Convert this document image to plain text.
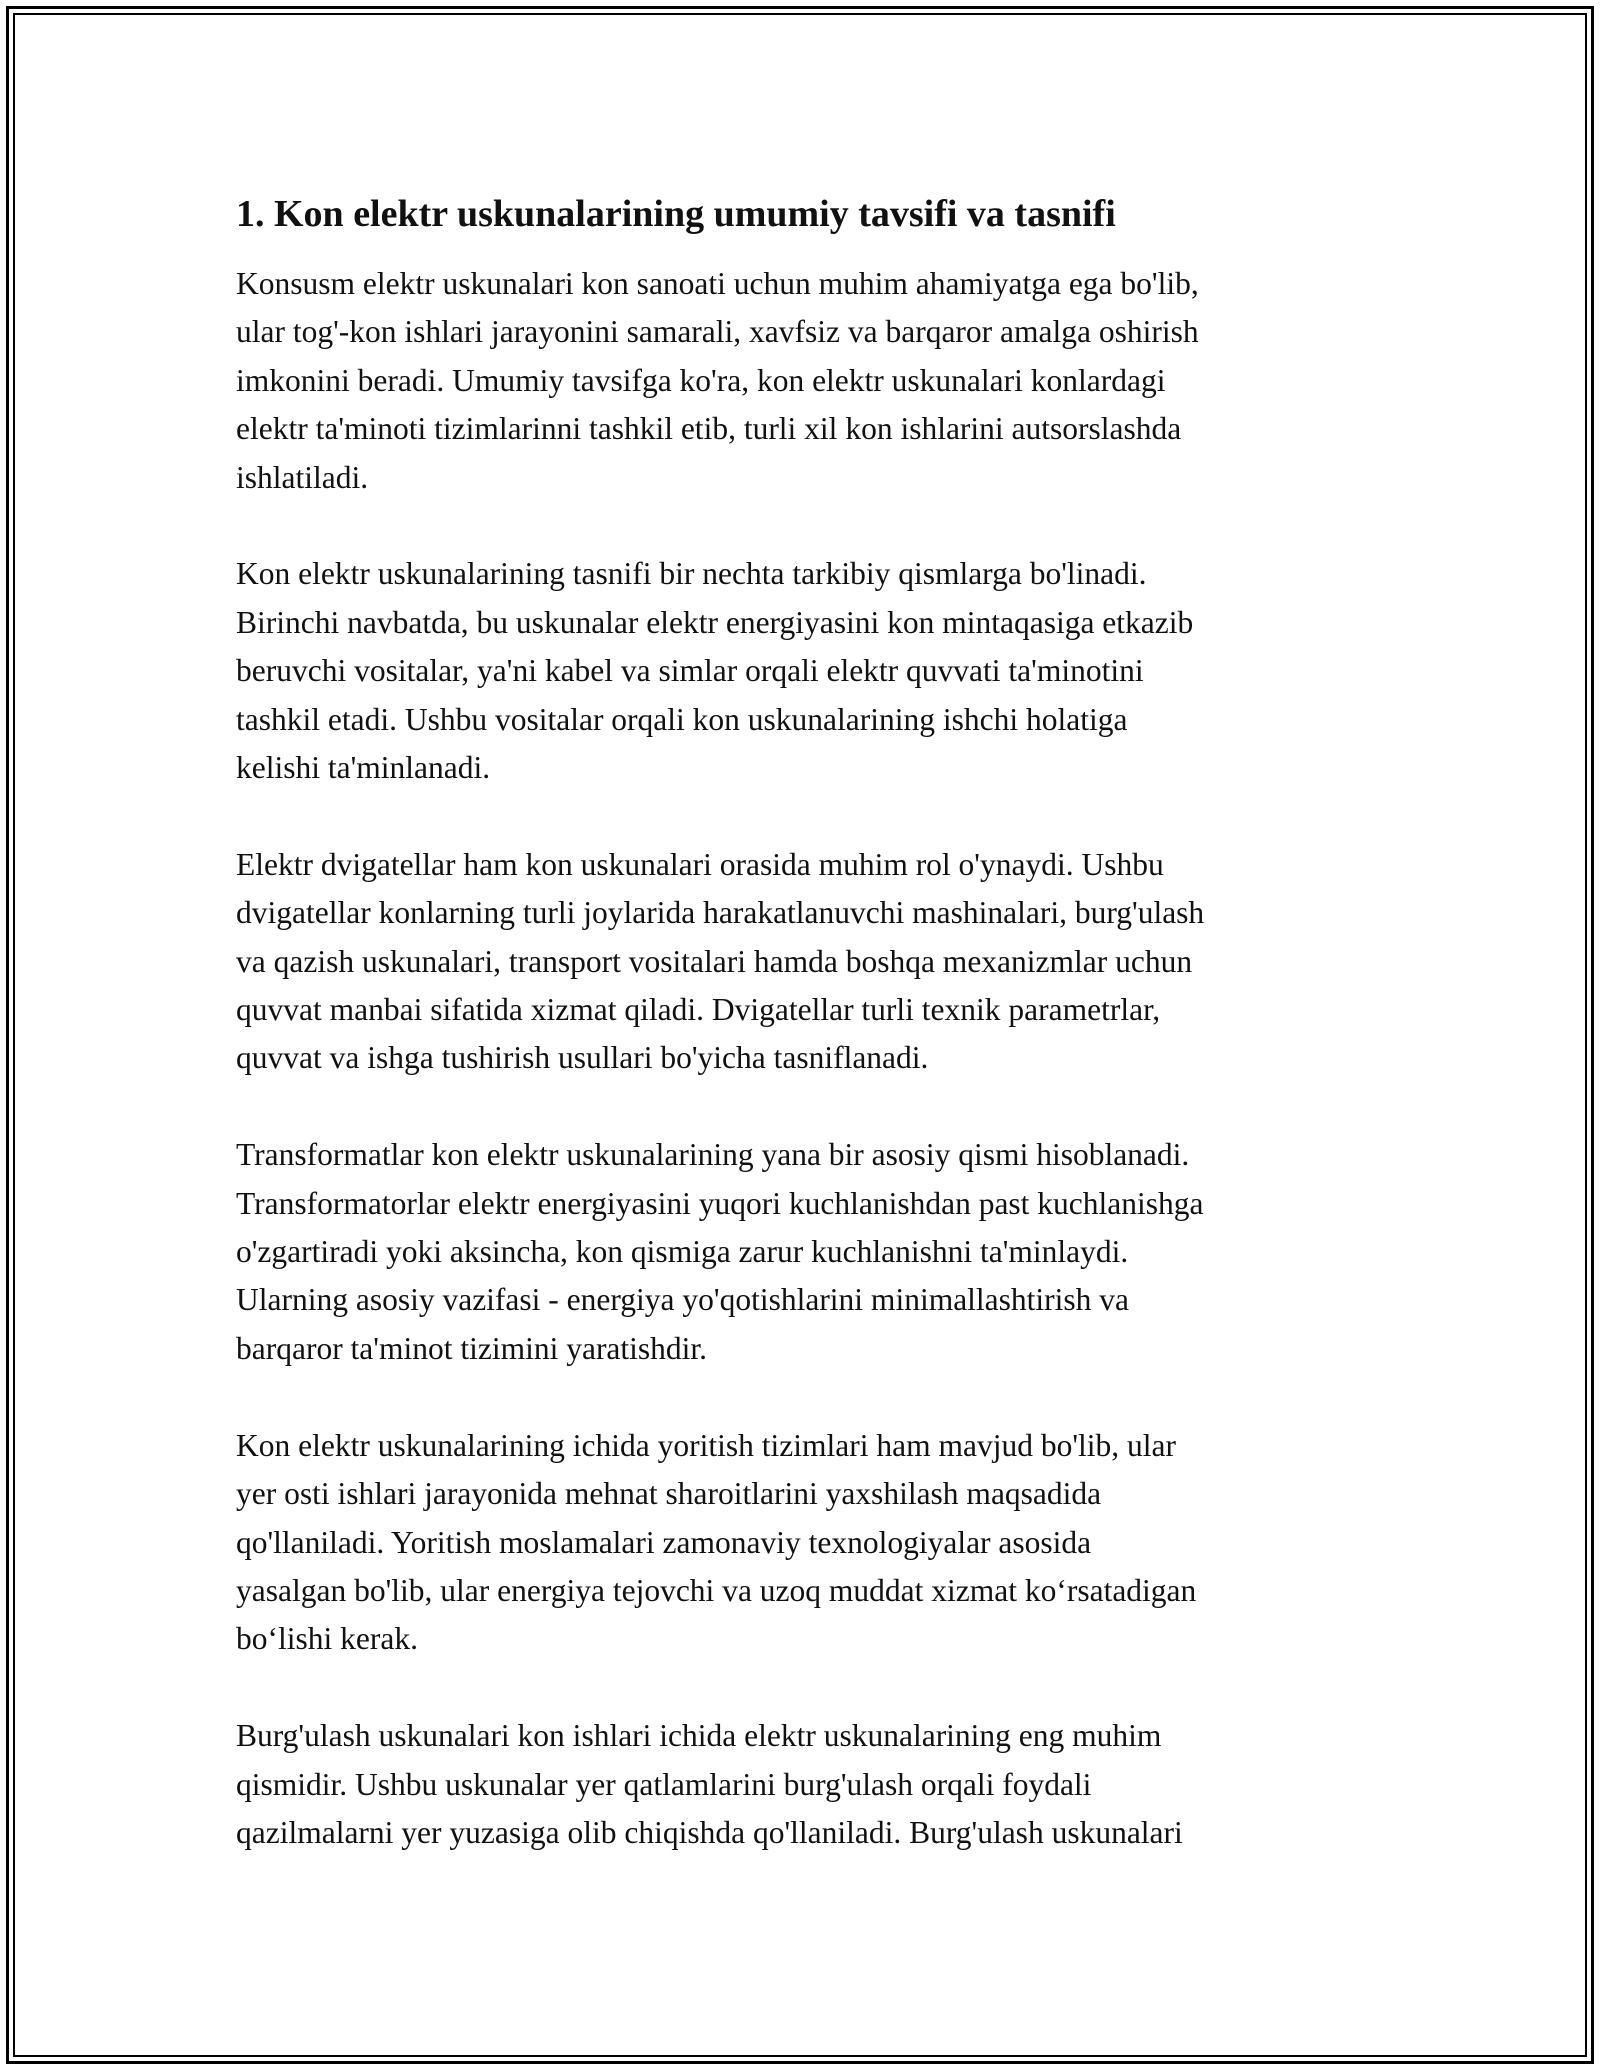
1. Kon elektr uskunalarining umumiy tavsifi va tasnifi

Konsusm elektr uskunalari kon sanoati uchun muhim ahamiyatga ega bo'lib,
ular tog'-kon ishlari jarayonini samarali, xavfsiz va barqaror amalga oshirish
imkonini beradi. Umumiy tavsifga ko'ra, kon elektr uskunalari konlardagi
elektr ta'minoti tizimlarinni tashkil etib, turli xil kon ishlarini autsorslashda
ishlatiladi.

Kon elektr uskunalarining tasnifi bir nechta tarkibiy qismlarga bo'linadi.
Birinchi navbatda, bu uskunalar elektr energiyasini kon mintaqasiga etkazib
beruvchi vositalar, ya'ni kabel va simlar orqali elektr quvvati ta'minotini
tashkil etadi. Ushbu vositalar orqali kon uskunalarining ishchi holatiga
kelishi ta'minlanadi.

Elektr dvigatellar ham kon uskunalari orasida muhim rol o'ynaydi. Ushbu
dvigatellar konlarning turli joylarida harakatlanuvchi mashinalari, burg'ulash
va qazish uskunalari, transport vositalari hamda boshqa mexanizmlar uchun
quvvat manbai sifatida xizmat qiladi. Dvigatellar turli texnik parametrlar,
quvvat va ishga tushirish usullari bo'yicha tasniflanadi.

Transformatlar kon elektr uskunalarining yana bir asosiy qismi hisoblanadi.
Transformatorlar elektr energiyasini yuqori kuchlanishdan past kuchlanishga
o'zgartiradi yoki aksincha, kon qismiga zarur kuchlanishni ta'minlaydi.
Ularning asosiy vazifasi - energiya yo'qotishlarini minimallashtirish va
barqaror ta'minot tizimini yaratishdir.

Kon elektr uskunalarining ichida yoritish tizimlari ham mavjud bo'lib, ular
yer osti ishlari jarayonida mehnat sharoitlarini yaxshilash maqsadida
qo'llaniladi. Yoritish moslamalari zamonaviy texnologiyalar asosida
yasalgan bo'lib, ular energiya tejovchi va uzoq muddat xizmat ko‘rsatadigan
bo‘lishi kerak.

Burg'ulash uskunalari kon ishlari ichida elektr uskunalarining eng muhim
qismidir. Ushbu uskunalar yer qatlamlarini burg'ulash orqali foydali
qazilmalarni yer yuzasiga olib chiqishda qo'llaniladi. Burg'ulash uskunalari
